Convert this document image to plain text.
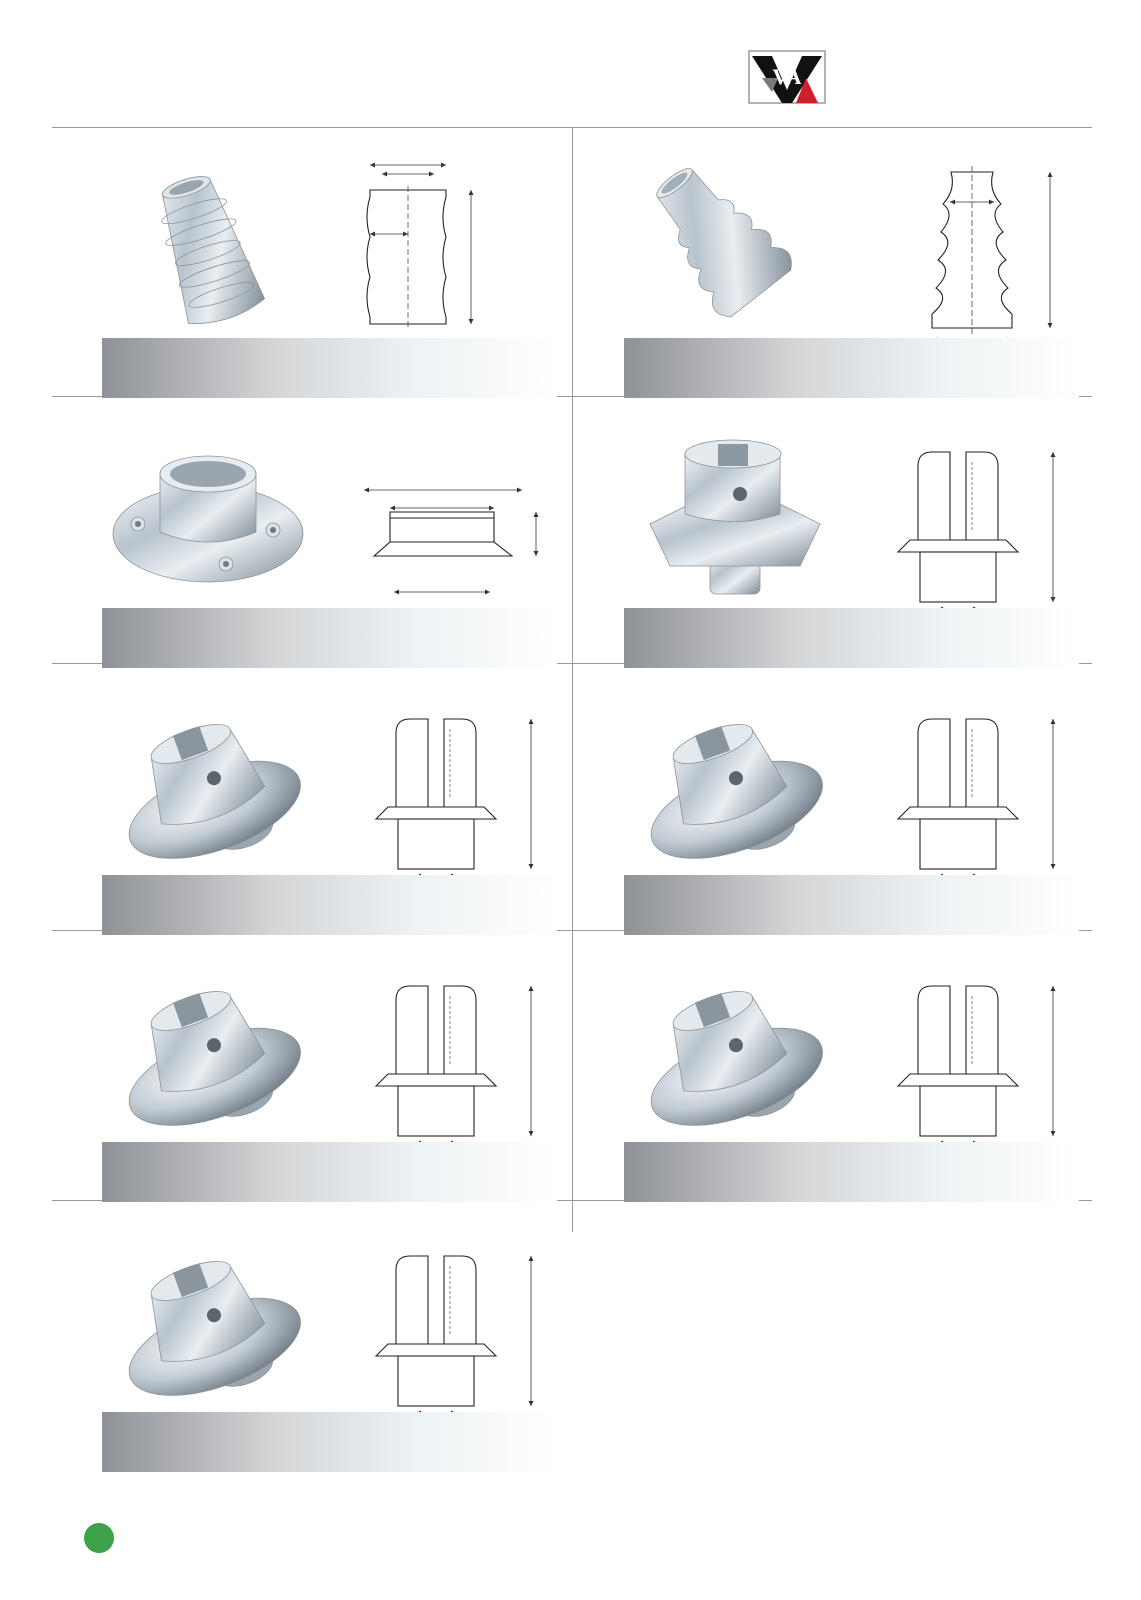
VA
